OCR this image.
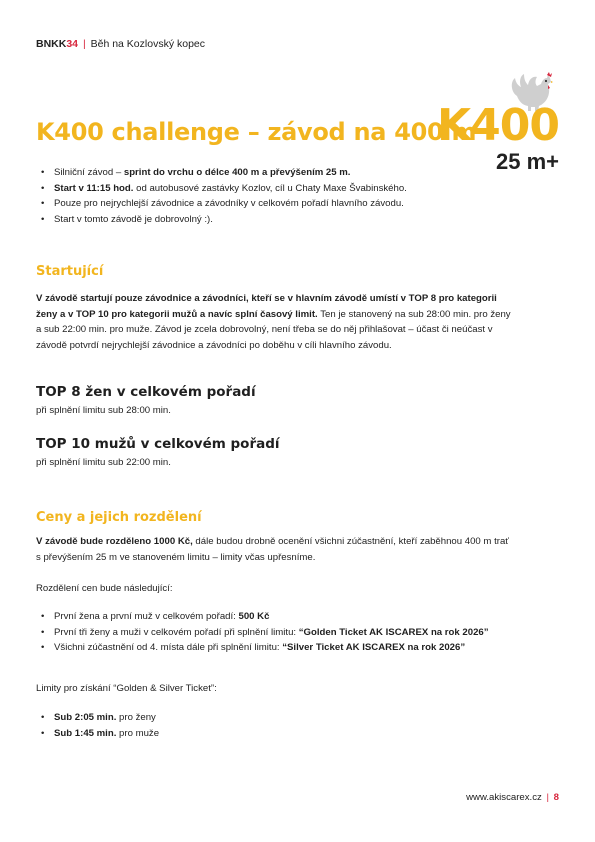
BNKK34 | Běh na Kozlovský kopec
K400
25 m+
K400 challenge – závod na 400 m
• Silniční závod – sprint do vrchu o délce 400 m a převýšením 25 m.
• Start v 11:15 hod. od autobusové zastávky Kozlov, cíl u Chaty Maxe Švabinského.
• Pouze pro nejrychlejší závodnice a závodníky v celkovém pořadí hlavního závodu.
• Start v tomto závodě je dobrovolný :).
Startující
V závodě startují pouze závodnice a závodníci, kteří se v hlavním závodě umístí v TOP 8 pro kategorii ženy a v TOP 10 pro kategorii mužů a navíc splní časový limit. Ten je stanovený na sub 28:00 min. pro ženy a sub 22:00 min. pro muže. Závod je zcela dobrovolný, není třeba se do něj přihlašovat – účast či neúčast v závodě potvrdí nejrychlejší závodnice a závodníci po doběhu v cíli hlavního závodu.
TOP 8 žen v celkovém pořadí
při splnění limitu sub 28:00 min.
TOP 10 mužů v celkovém pořadí
při splnění limitu sub 22:00 min.
Ceny a jejich rozdělení
V závodě bude rozděleno 1000 Kč, dále budou drobně ocenění všichni zúčastnění, kteří zaběhnou 400 m trať s převýšením 25 m ve stanoveném limitu – limity včas upřesníme.
Rozdělení cen bude následující:
• První žena a první muž v celkovém pořadí: 500 Kč
• První tři ženy a muži v celkovém pořadí při splnění limitu: “Golden Ticket AK ISCAREX na rok 2026”
• Všichni zúčastnění od 4. místa dále při splnění limitu: “Silver Ticket AK ISCAREX na rok 2026”
Limity pro získání “Golden & Silver Ticket”:
• Sub 2:05 min. pro ženy
• Sub 1:45 min. pro muže
www.akiscarex.cz | 8
